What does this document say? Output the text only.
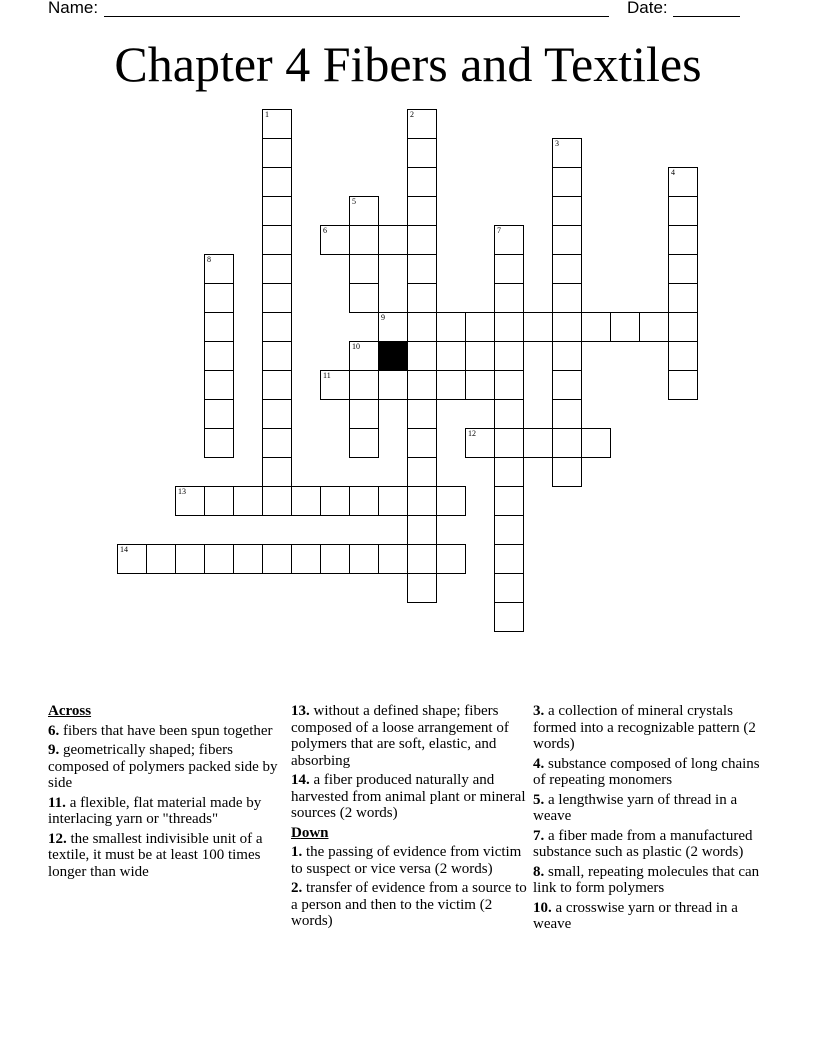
Name:	Date:
Chapter 4 Fibers and Textiles
6
9
10
11
12
13
14
1	2
3
4
5
7
8
Across
6. fibers that have been spun together
9. geometrically shaped; fibers composed of polymers packed side by side
11. a flexible, flat material made by interlacing yarn or "threads"
12. the smallest indivisible unit of a textile, it must be at least 100 times longer than wide
13. without a defined shape; fibers composed of a loose arrangement of polymers that are soft, elastic, and absorbing
14. a fiber produced naturally and harvested from animal plant or mineral sources (2 words)
Down
1. the passing of evidence from victim to suspect or vice versa (2 words)
2. transfer of evidence from a source to a person and then to the victim (2 words)
3. a collection of mineral crystals formed into a recognizable pattern (2 words)
4. substance composed of long chains of repeating monomers
5. a lengthwise yarn of thread in a weave
7. a fiber made from a manufactured substance such as plastic (2 words)
8. small, repeating molecules that can link to form polymers
10. a crosswise yarn or thread in a weave
